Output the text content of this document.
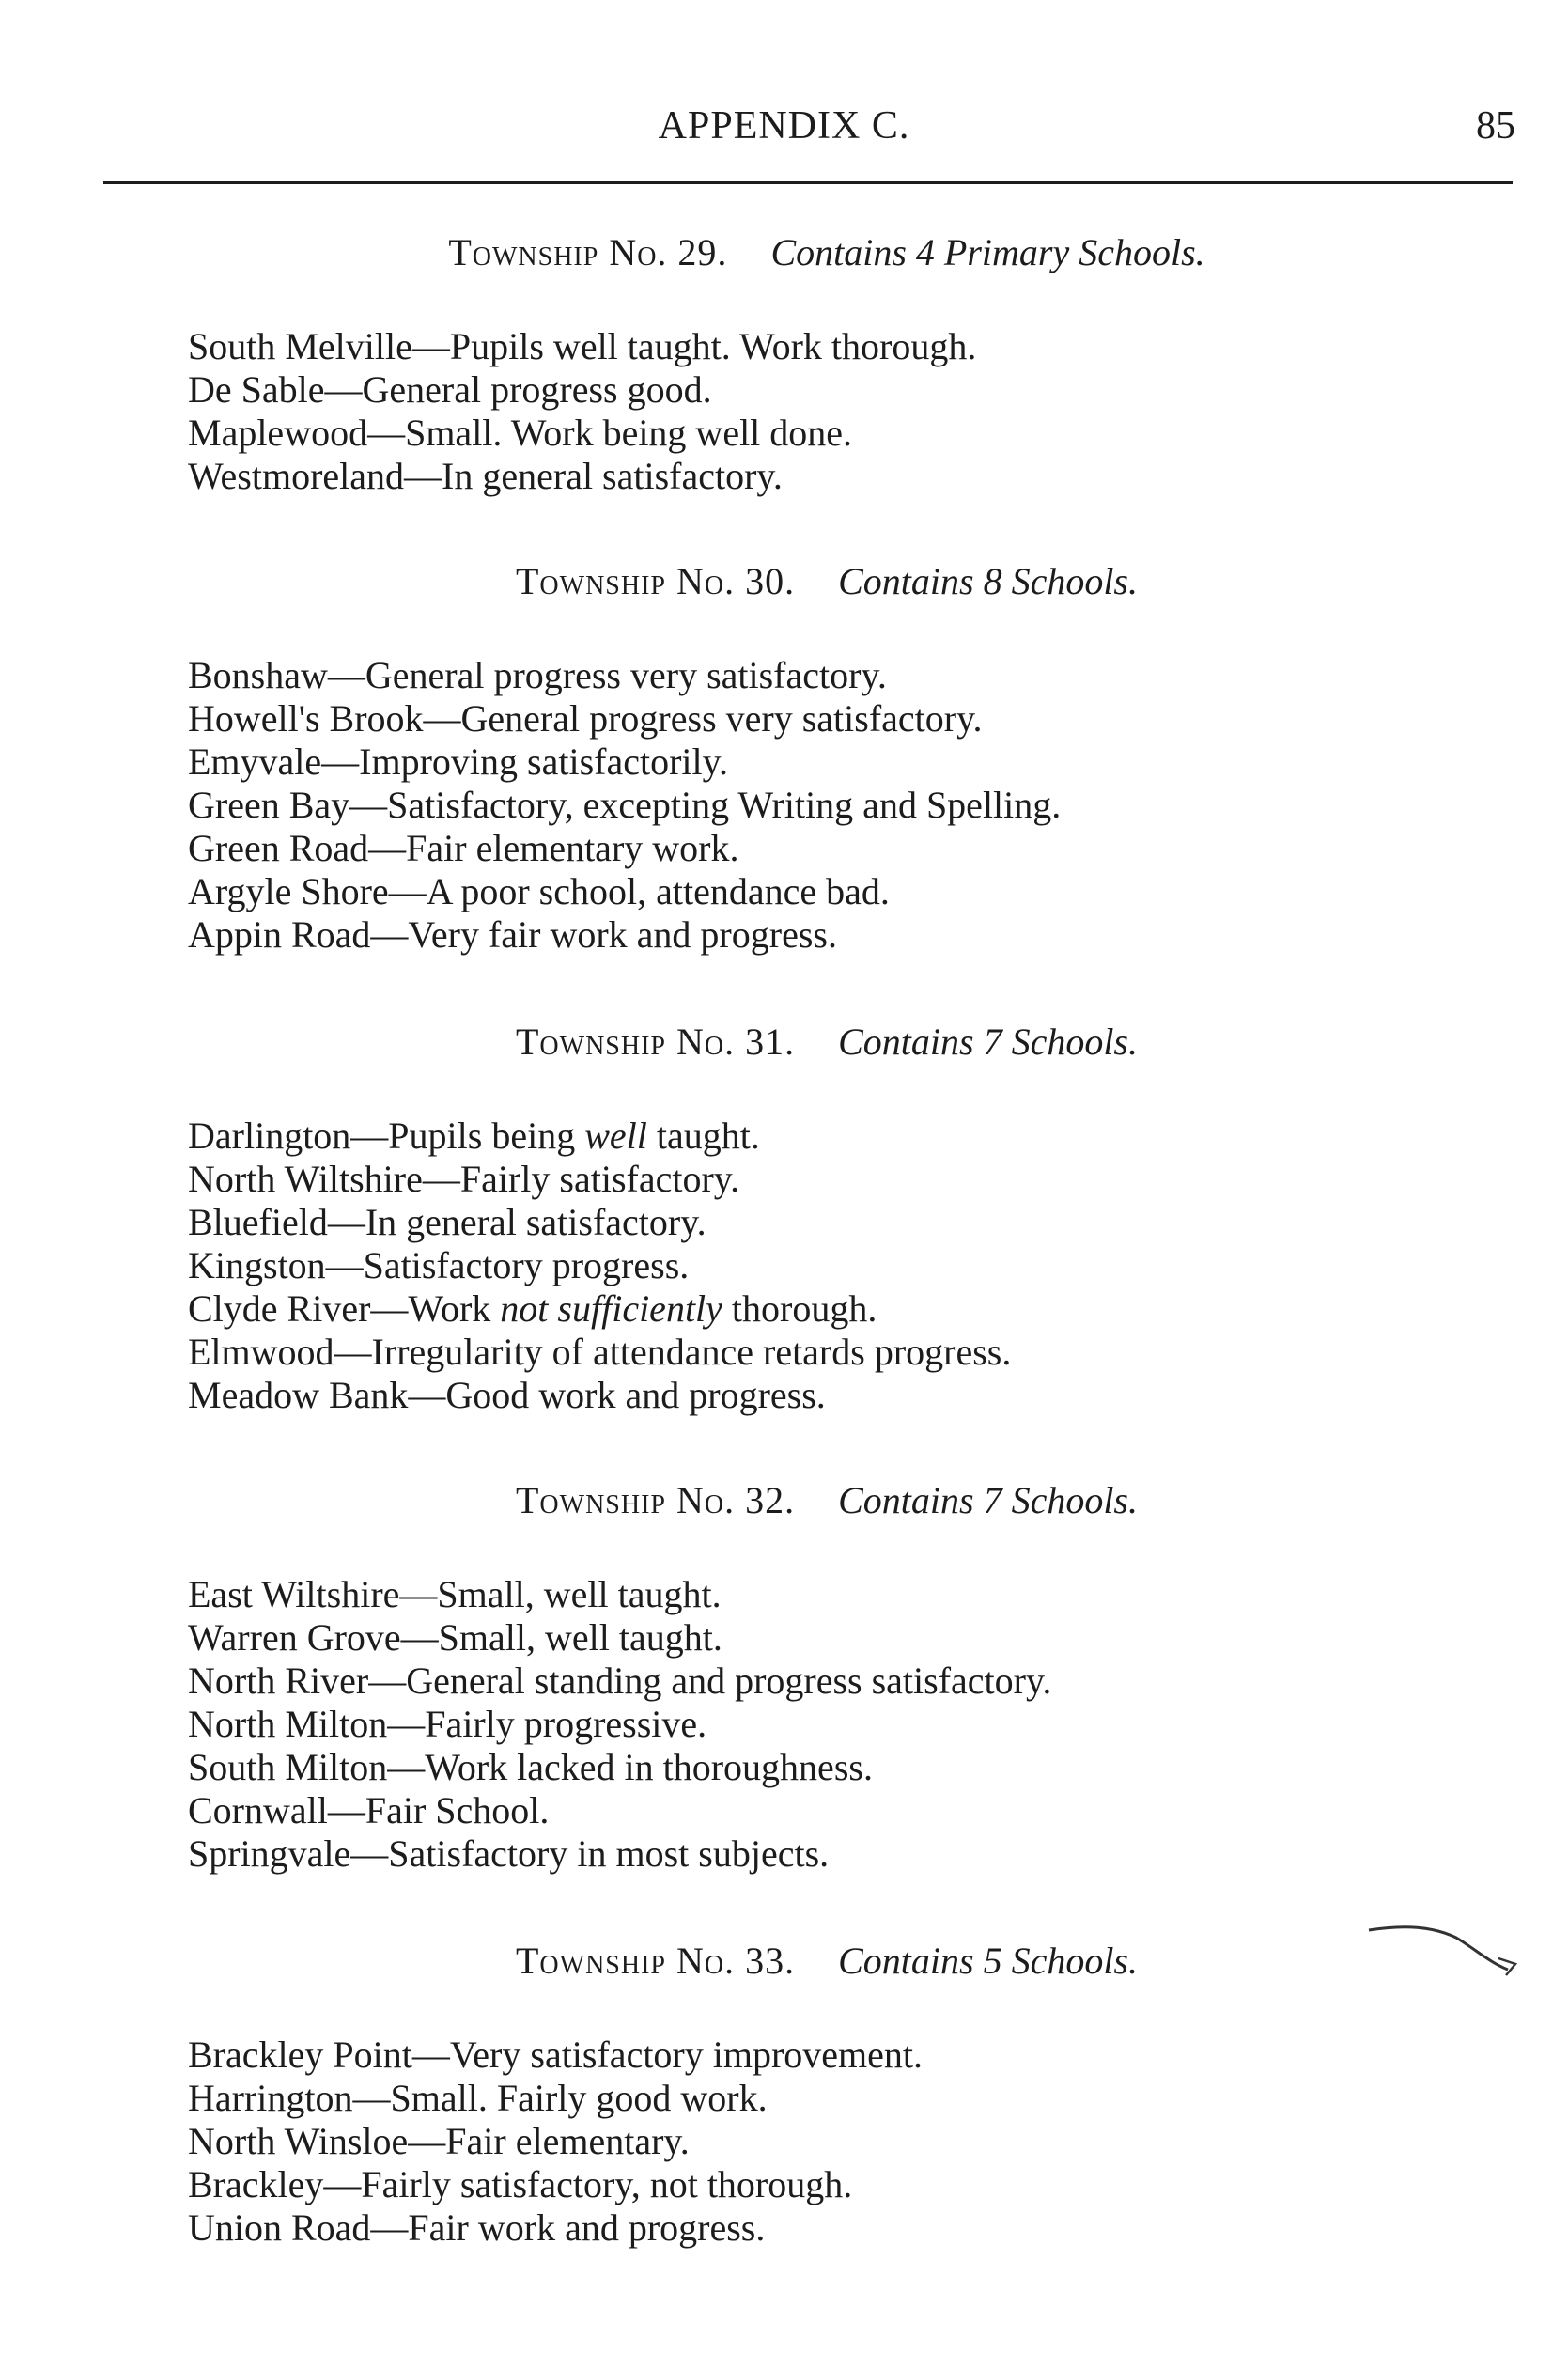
APPENDIX C.	85
Township No. 29. Contains 4 Primary Schools.
South Melville—Pupils well taught. Work thorough.
De Sable—General progress good.
Maplewood—Small. Work being well done.
Westmoreland—In general satisfactory.
Township No. 30. Contains 8 Schools.
Bonshaw—General progress very satisfactory.
Howell's Brook—General progress very satisfactory.
Emyvale—Improving satisfactorily.
Green Bay—Satisfactory, excepting Writing and Spelling.
Green Road—Fair elementary work.
Argyle Shore—A poor school, attendance bad.
Appin Road—Very fair work and progress.
Township No. 31. Contains 7 Schools.
Darlington—Pupils being well taught.
North Wiltshire—Fairly satisfactory.
Bluefield—In general satisfactory.
Kingston—Satisfactory progress.
Clyde River—Work not sufficiently thorough.
Elmwood—Irregularity of attendance retards progress.
Meadow Bank—Good work and progress.
Township No. 32. Contains 7 Schools.
East Wiltshire—Small, well taught.
Warren Grove—Small, well taught.
North River—General standing and progress satisfactory.
North Milton—Fairly progressive.
South Milton—Work lacked in thoroughness.
Cornwall—Fair School.
Springvale—Satisfactory in most subjects.
Township No. 33. Contains 5 Schools.
Brackley Point—Very satisfactory improvement.
Harrington—Small. Fairly good work.
North Winsloe—Fair elementary.
Brackley—Fairly satisfactory, not thorough.
Union Road—Fair work and progress.
